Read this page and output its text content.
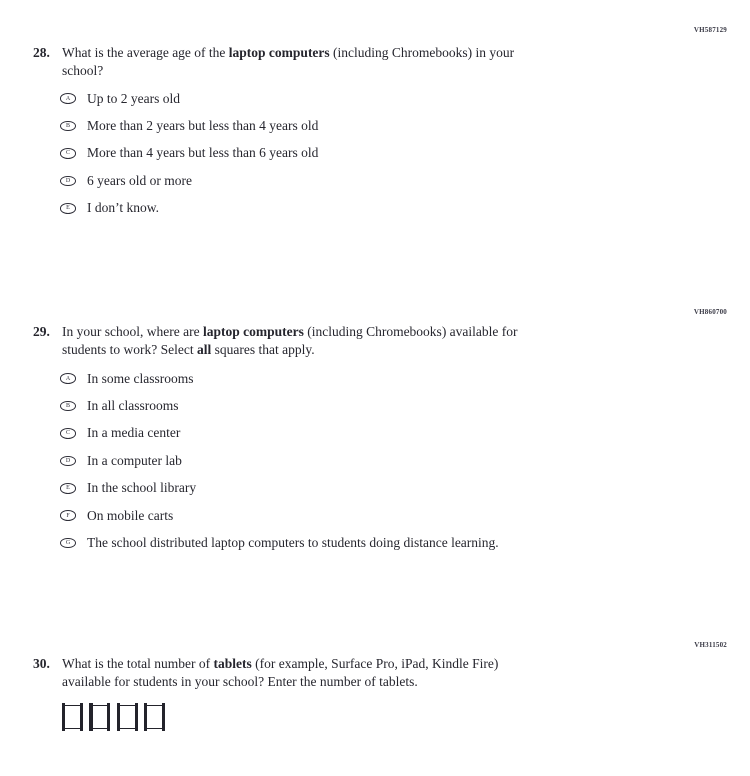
VH587129
28. What is the average age of the laptop computers (including Chromebooks) in your
school?
A Up to 2 years old
B More than 2 years but less than 4 years old
C More than 4 years but less than 6 years old
D 6 years old or more
E I don’t know.
VH860700
29. In your school, where are laptop computers (including Chromebooks) available for
students to work? Select all squares that apply.
A In some classrooms
B In all classrooms
C In a media center
D In a computer lab
E In the school library
F On mobile carts
G The school distributed laptop computers to students doing distance learning.
VH311502
30. What is the total number of tablets (for example, Surface Pro, iPad, Kindle Fire)
available for students in your school? Enter the number of tablets.
